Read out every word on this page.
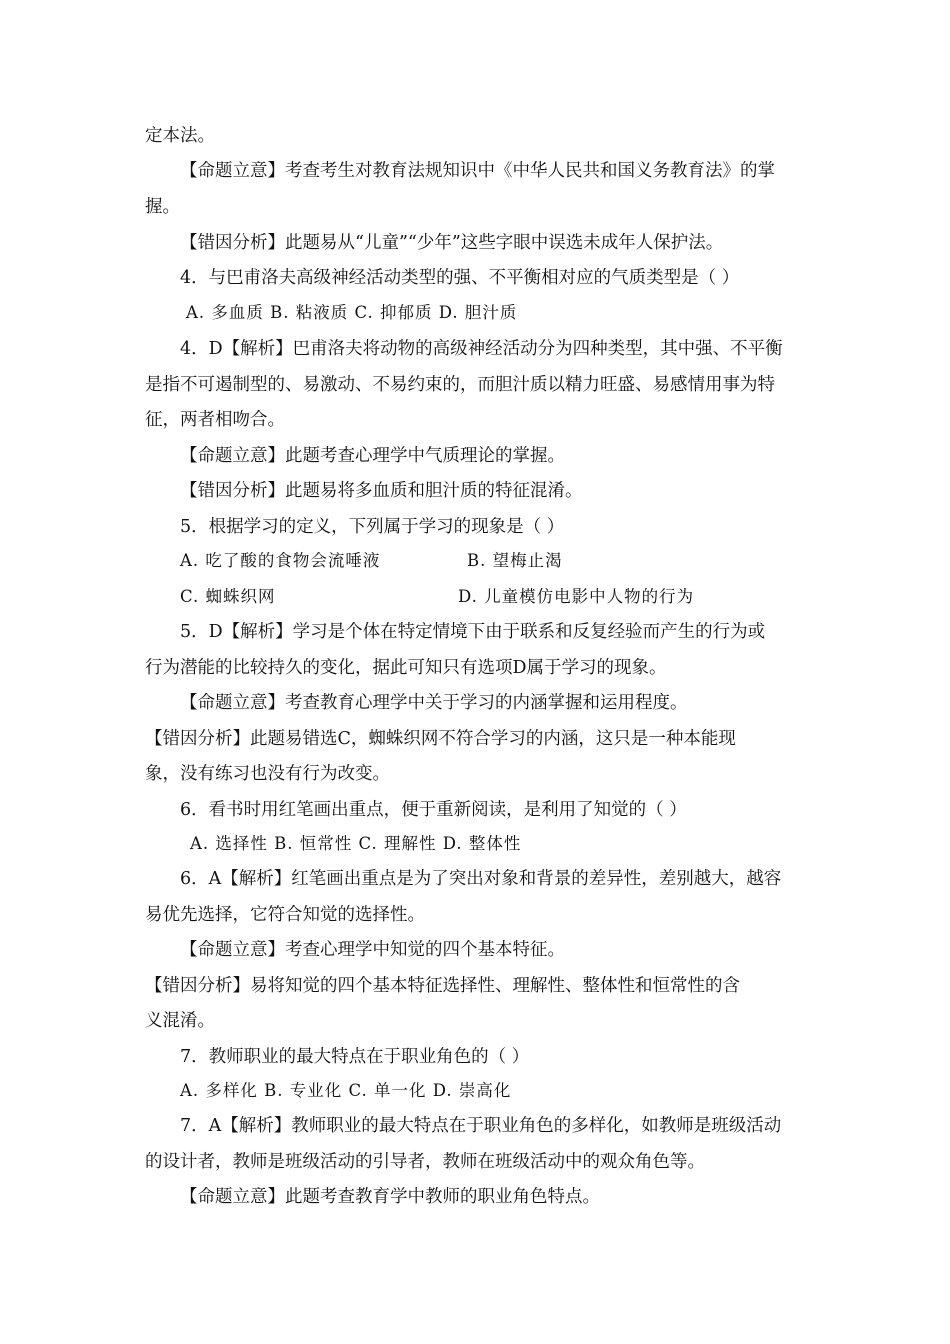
定本法。
【命题立意】考查考生对教育法规知识中《中华人民共和国义务教育法》的掌
握。
【错因分析】此题易从“儿童”“少年”这些字眼中误选未成年人保护法。
4．与巴甫洛夫高级神经活动类型的强、不平衡相对应的气质类型是（ ）
A. 多血质 B. 粘液质 C. 抑郁质 D. 胆汁质
4．D【解析】巴甫洛夫将动物的高级神经活动分为四种类型，其中强、不平衡
是指不可遏制型的、易激动、不易约束的，而胆汁质以精力旺盛、易感情用事为特
征，两者相吻合。
【命题立意】此题考查心理学中气质理论的掌握。
【错因分析】此题易将多血质和胆汁质的特征混淆。
5．根据学习的定义，下列属于学习的现象是（ ）
A. 吃了酸的食物会流唾液	B. 望梅止渴
C. 蜘蛛织网	D. 儿童模仿电影中人物的行为
5．D【解析】学习是个体在特定情境下由于联系和反复经验而产生的行为或
行为潜能的比较持久的变化，据此可知只有选项D属于学习的现象。
【命题立意】考查教育心理学中关于学习的内涵掌握和运用程度。
【错因分析】此题易错选C，蜘蛛织网不符合学习的内涵，这只是一种本能现
象，没有练习也没有行为改变。
6．看书时用红笔画出重点，便于重新阅读，是利用了知觉的（ ）
A. 选择性 B. 恒常性 C. 理解性 D. 整体性
6．A【解析】红笔画出重点是为了突出对象和背景的差异性，差别越大，越容
易优先选择，它符合知觉的选择性。
【命题立意】考查心理学中知觉的四个基本特征。
【错因分析】易将知觉的四个基本特征选择性、理解性、整体性和恒常性的含
义混淆。
7．教师职业的最大特点在于职业角色的（ ）
A. 多样化 B. 专业化 C. 单一化 D. 崇高化
7．A【解析】教师职业的最大特点在于职业角色的多样化，如教师是班级活动
的设计者，教师是班级活动的引导者，教师在班级活动中的观众角色等。
【命题立意】此题考查教育学中教师的职业角色特点。
